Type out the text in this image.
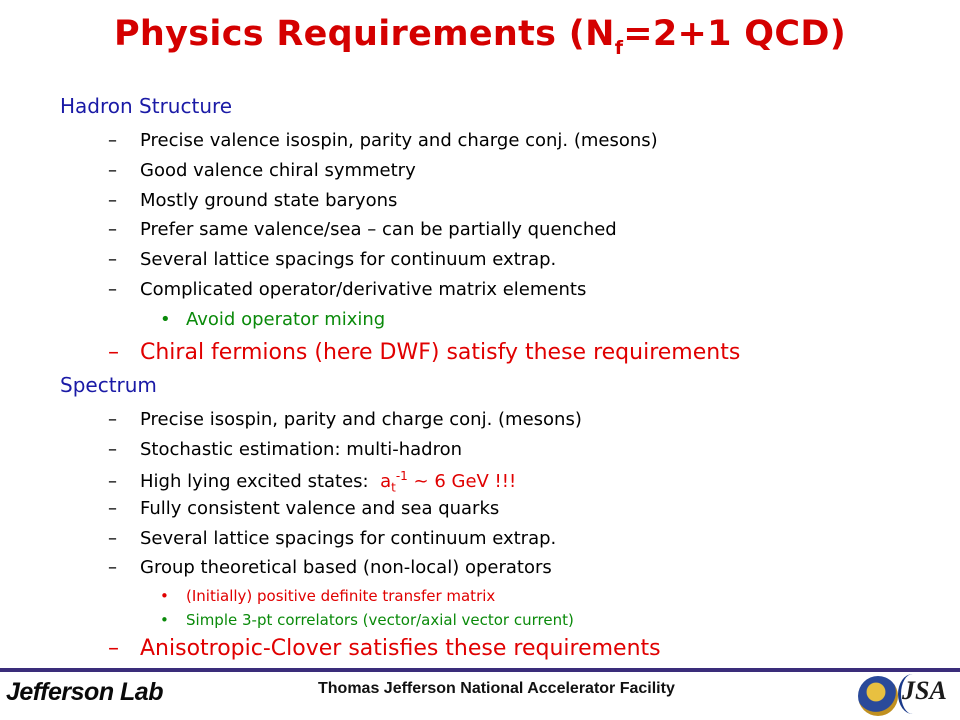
Physics Requirements ($N_f=2+1$ QCD)
Hadron Structure
– Precise valence isospin, parity and charge conj. (mesons)
– Good valence chiral symmetry
– Mostly ground state baryons
– Prefer same valence/sea – can be partially quenched
– Several lattice spacings for continuum extrap.
– Complicated operator/derivative matrix elements
• Avoid operator mixing
– Chiral fermions (here DWF) satisfy these requirements
Spectrum
– Precise isospin, parity and charge conj. (mesons)
– Stochastic estimation: multi-hadron
– High lying excited states: $a_t^{-1}$ ~ 6 GeV !!!
– Fully consistent valence and sea quarks
– Several lattice spacings for continuum extrap.
– Group theoretical based (non-local) operators
• (Initially) positive definite transfer matrix
• Simple 3-pt correlators (vector/axial vector current)
– Anisotropic-Clover satisfies these requirements
Jefferson Lab	Thomas Jefferson National Accelerator Facility	JSA
